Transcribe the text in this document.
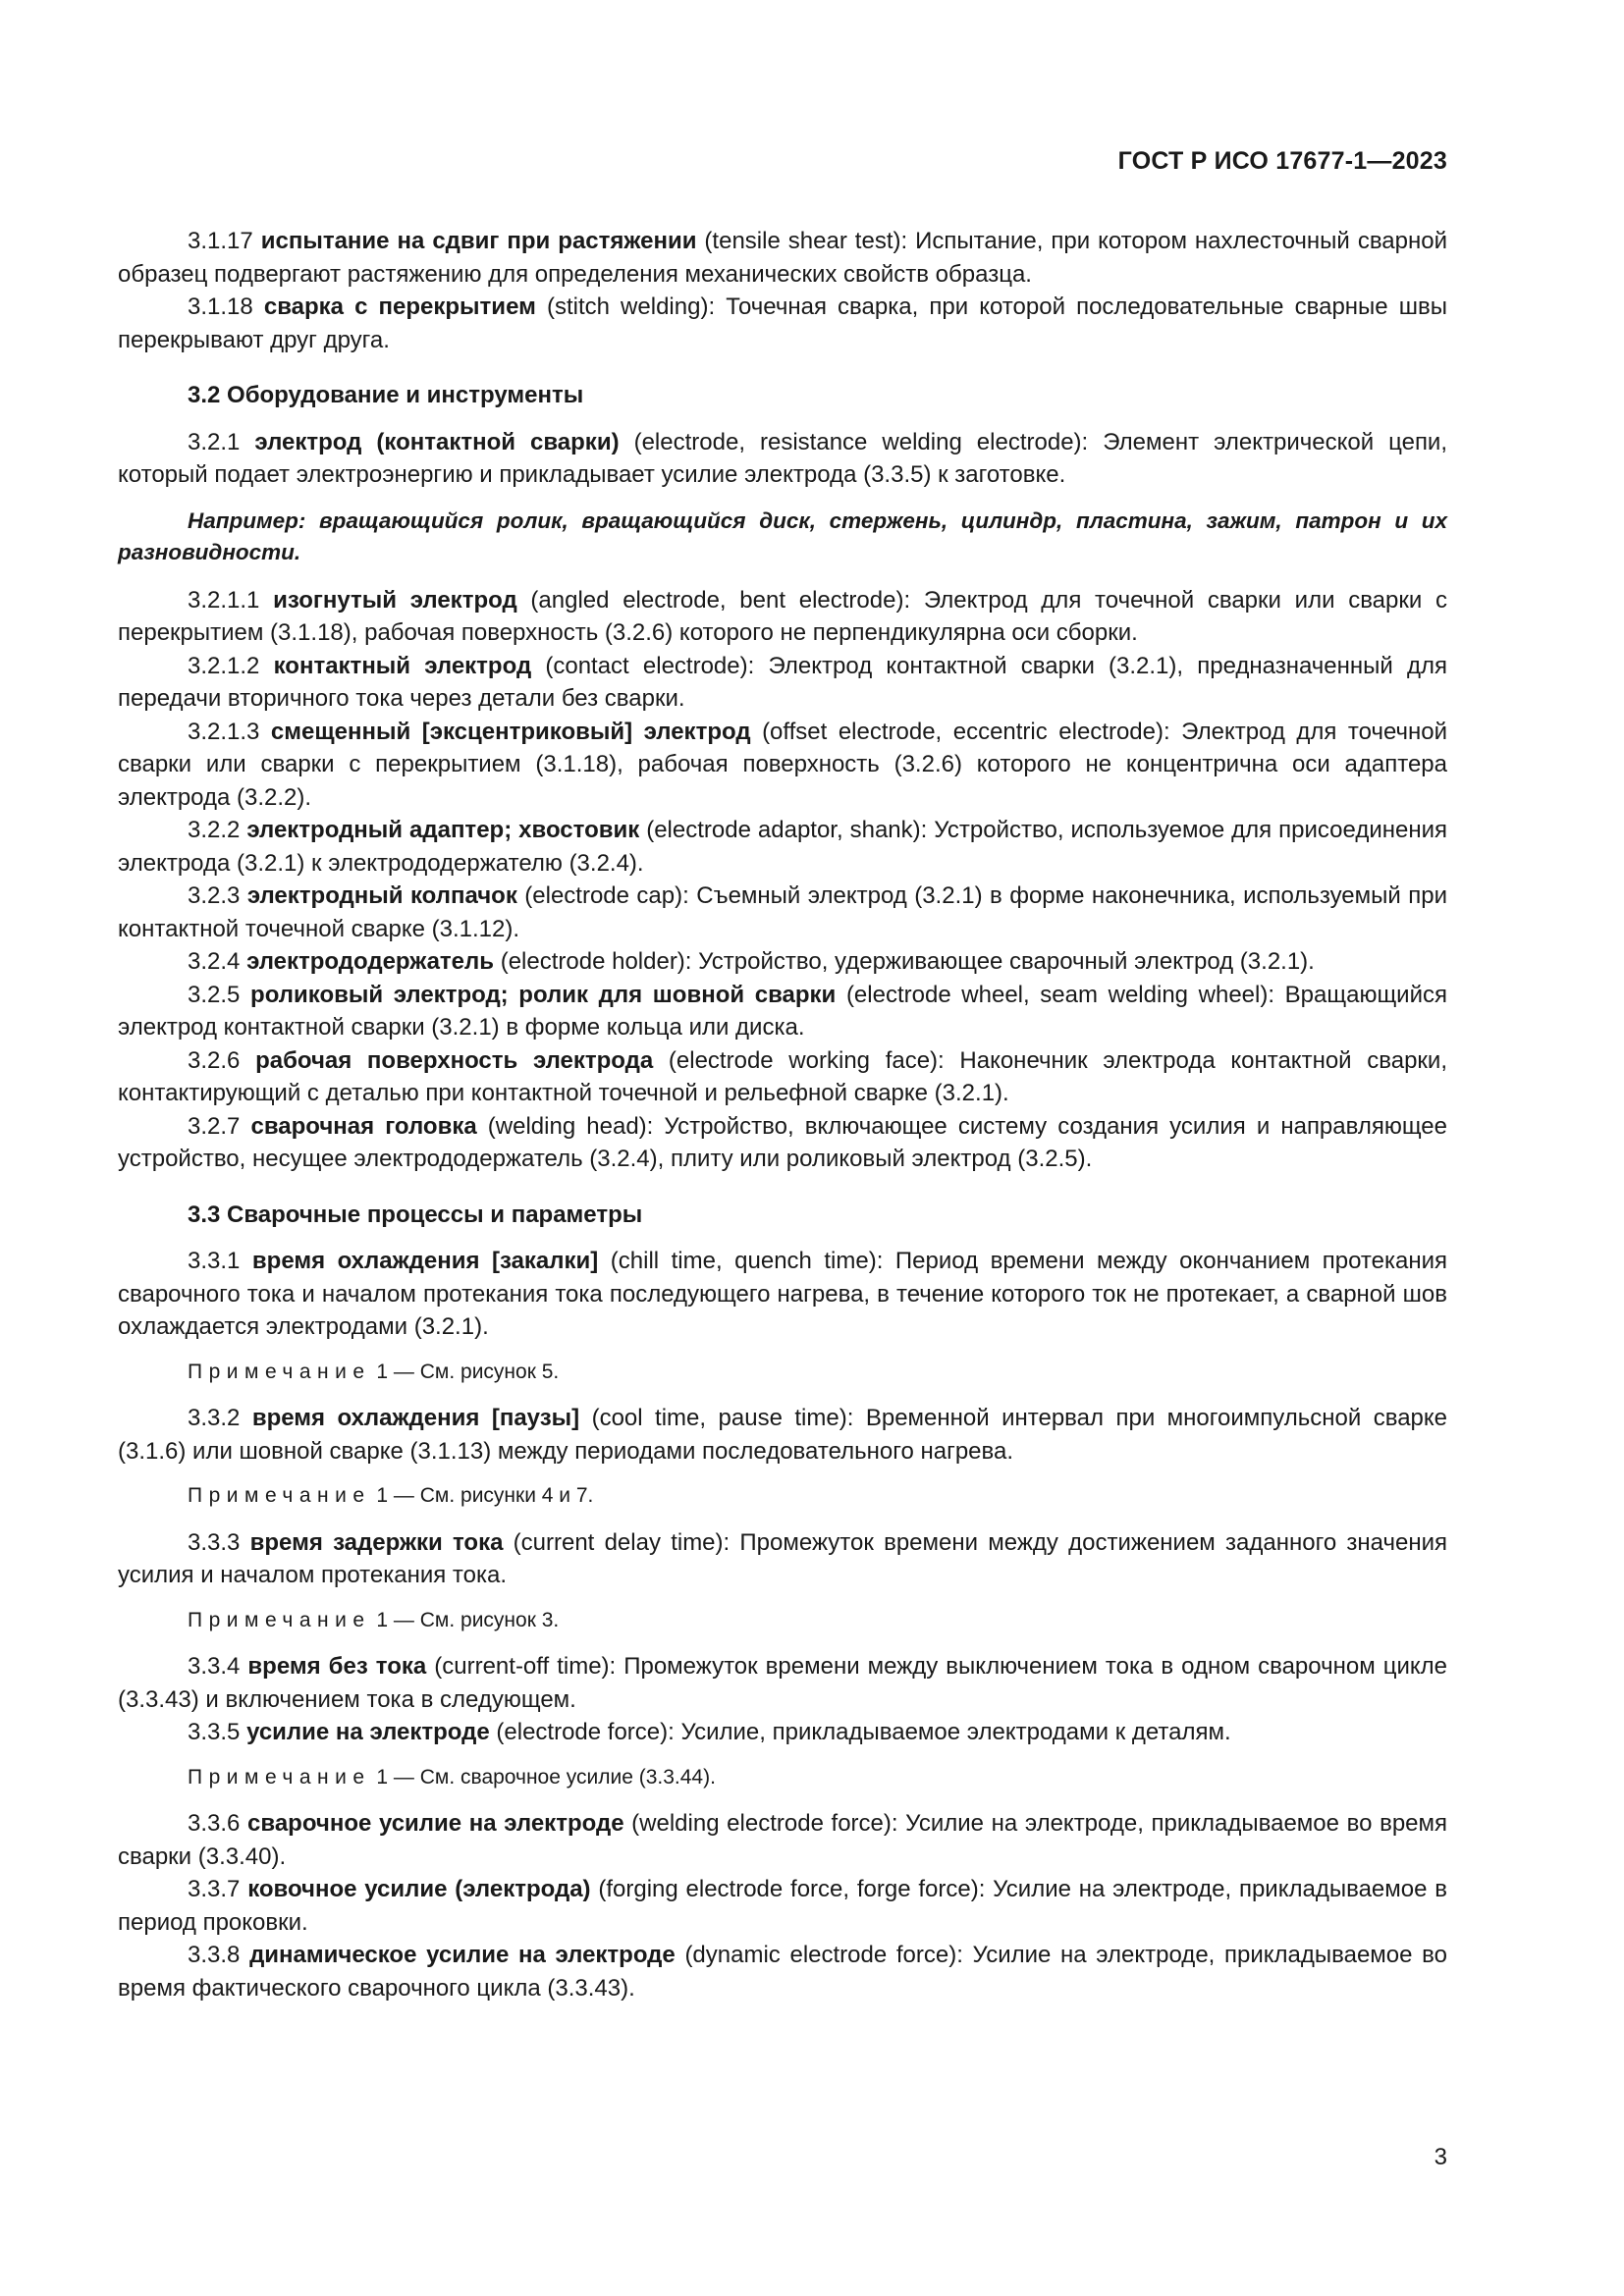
ГОСТ Р ИСО 17677-1—2023

3.1.17 испытание на сдвиг при растяжении (tensile shear test): Испытание, при котором нахлесточный сварной образец подвергают растяжению для определения механических свойств образца.

3.1.18 сварка с перекрытием (stitch welding): Точечная сварка, при которой последовательные сварные швы перекрывают друг друга.

3.2 Оборудование и инструменты

3.2.1 электрод (контактной сварки) (electrode, resistance welding electrode): Элемент электрической цепи, который подает электроэнергию и прикладывает усилие электрода (3.3.5) к заготовке.

Например: вращающийся ролик, вращающийся диск, стержень, цилиндр, пластина, зажим, патрон и их разновидности.

3.2.1.1 изогнутый электрод (angled electrode, bent electrode): Электрод для точечной сварки или сварки с перекрытием (3.1.18), рабочая поверхность (3.2.6) которого не перпендикулярна оси сборки.

3.2.1.2 контактный электрод (contact electrode): Электрод контактной сварки (3.2.1), предназначенный для передачи вторичного тока через детали без сварки.

3.2.1.3 смещенный [эксцентриковый] электрод (offset electrode, eccentric electrode): Электрод для точечной сварки или сварки с перекрытием (3.1.18), рабочая поверхность (3.2.6) которого не концентрична оси адаптера электрода (3.2.2).

3.2.2 электродный адаптер; хвостовик (electrode adaptor, shank): Устройство, используемое для присоединения электрода (3.2.1) к электрододержателю (3.2.4).

3.2.3 электродный колпачок (electrode cap): Съемный электрод (3.2.1) в форме наконечника, используемый при контактной точечной сварке (3.1.12).

3.2.4 электрододержатель (electrode holder): Устройство, удерживающее сварочный электрод (3.2.1).

3.2.5 роликовый электрод; ролик для шовной сварки (electrode wheel, seam welding wheel): Вращающийся электрод контактной сварки (3.2.1) в форме кольца или диска.

3.2.6 рабочая поверхность электрода (electrode working face): Наконечник электрода контактной сварки, контактирующий с деталью при контактной точечной и рельефной сварке (3.2.1).

3.2.7 сварочная головка (welding head): Устройство, включающее систему создания усилия и направляющее устройство, несущее электрододержатель (3.2.4), плиту или роликовый электрод (3.2.5).

3.3 Сварочные процессы и параметры

3.3.1 время охлаждения [закалки] (chill time, quench time): Период времени между окончанием протекания сварочного тока и началом протекания тока последующего нагрева, в течение которого ток не протекает, а сварной шов охлаждается электродами (3.2.1).

Примечание 1 — См. рисунок 5.

3.3.2 время охлаждения [паузы] (cool time, pause time): Временной интервал при многоимпульсной сварке (3.1.6) или шовной сварке (3.1.13) между периодами последовательного нагрева.

Примечание 1 — См. рисунки 4 и 7.

3.3.3 время задержки тока (current delay time): Промежуток времени между достижением заданного значения усилия и началом протекания тока.

Примечание 1 — См. рисунок 3.

3.3.4 время без тока (current-off time): Промежуток времени между выключением тока в одном сварочном цикле (3.3.43) и включением тока в следующем.

3.3.5 усилие на электроде (electrode force): Усилие, прикладываемое электродами к деталям.

Примечание 1 — См. сварочное усилие (3.3.44).

3.3.6 сварочное усилие на электроде (welding electrode force): Усилие на электроде, прикладываемое во время сварки (3.3.40).

3.3.7 ковочное усилие (электрода) (forging electrode force, forge force): Усилие на электроде, прикладываемое в период проковки.

3.3.8 динамическое усилие на электроде (dynamic electrode force): Усилие на электроде, прикладываемое во время фактического сварочного цикла (3.3.43).

3
